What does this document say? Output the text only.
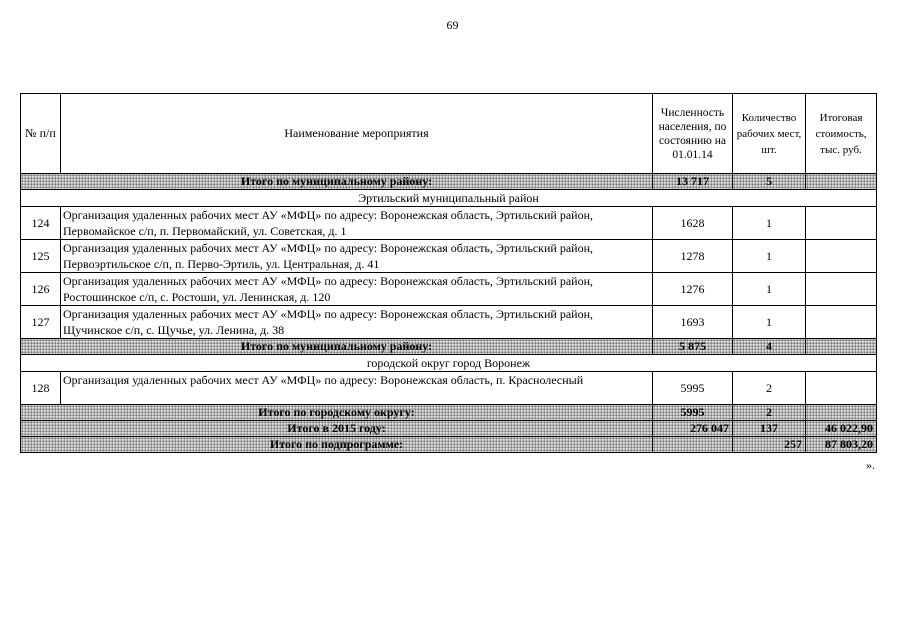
69
№ п/п	Наименование мероприятия	Численность населения, по состоянию на 01.01.14	Количество рабочих мест, шт.	Итоговая стоимость, тыс. руб.
Итого по муниципальному району:		13 717	5	
Эртильский муниципальный район				
124	Организация удаленных рабочих мест АУ «МФЦ» по адресу: Воронежская область, Эртильский район, Первомайское с/п, п. Первомайский, ул. Советская, д. 1	1628	1	
125	Организация удаленных рабочих мест АУ «МФЦ» по адресу: Воронежская область, Эртильский район, Первоэртильское с/п, п. Перво-Эртиль, ул. Центральная, д. 41	1278	1	
126	Организация удаленных рабочих мест АУ «МФЦ» по адресу: Воронежская область, Эртильский район, Ростошинское с/п, с. Ростоши, ул. Ленинская, д. 120	1276	1	
127	Организация удаленных рабочих мест АУ «МФЦ» по адресу: Воронежская область, Эртильский район, Щучинское с/п, с. Щучье, ул. Ленина, д. 38	1693	1	
Итого по муниципальному району:		5 875	4	
городской округ город Воронеж				
128	Организация удаленных рабочих мест АУ «МФЦ» по адресу: Воронежская область, п. Краснолесный	5995	2	
Итого по городскому округу:		5995	2	
Итого в 2015 году:		276 047	137	46 022,90
Итого по подпрограмме:			257	87 803,20
».
